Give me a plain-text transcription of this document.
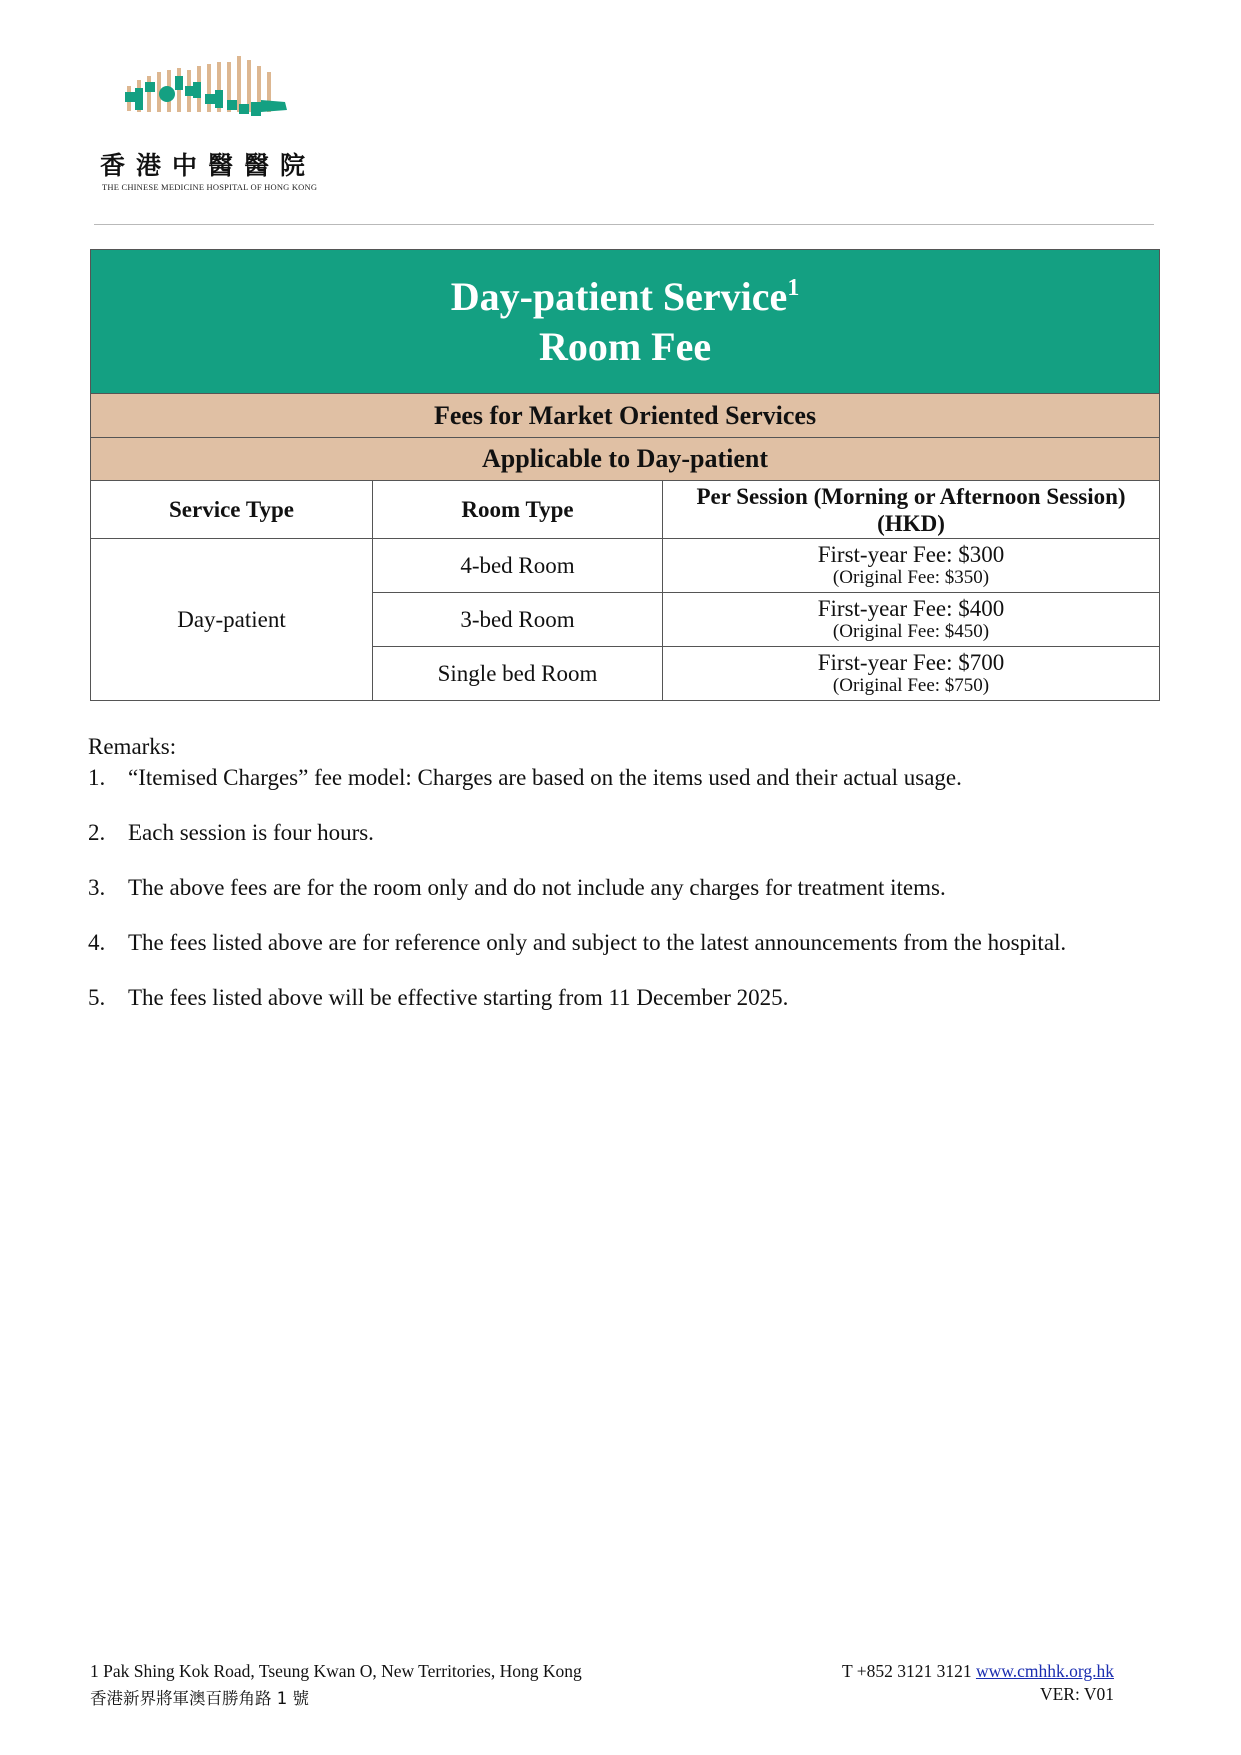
香港中醫醫院
THE CHINESE MEDICINE HOSPITAL OF HONG KONG
Day-patient Service$^1$
Room Fee		
Fees for Market Oriented Services		
Applicable to Day-patient		
Service Type	Room Type	Per Session (Morning or Afternoon Session)
(HKD)
Day-patient	4-bed Room	First-year Fee: $300
(Original Fee: $350)

	3-bed Room	First-year Fee: $400
(Original Fee: $450)

	Single bed Room	First-year Fee: $700
(Original Fee: $750)
Remarks:
1. “Itemised Charges” fee model: Charges are based on the items used and their actual usage.
2. Each session is four hours.
3. The above fees are for the room only and do not include any charges for treatment items.
4. The fees listed above are for reference only and subject to the latest announcements from the hospital.
5. The fees listed above will be effective starting from 11 December 2025.
1 Pak Shing Kok Road, Tseung Kwan O, New Territories, Hong Kong
香港新界將軍澳百勝角路 1 號
T +852 3121 3121 www.cmhhk.org.hk
VER: V01
